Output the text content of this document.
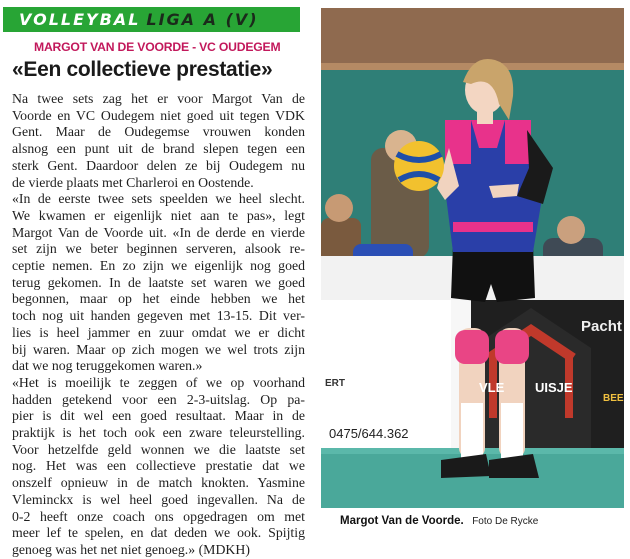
VOLLEYBAL LIGA A (V)
MARGOT VAN DE VOORDE - VC OUDEGEM
«Een collectieve prestatie»
Na twee sets zag het er voor Margot Van de
Voorde en VC Oudegem niet goed uit tegen VDK
Gent. Maar de Oudegemse vrouwen konden
alsnog een punt uit de brand slepen tegen een
sterk Gent. Daardoor delen ze bij Oudegem nu
de vierde plaats met Charleroi en Oostende.
«In de eerste twee sets speelden we heel slecht.
We kwamen er eigenlijk niet aan te pas», legt
Margot Van de Voorde uit. «In de derde en vierde
set zijn we beter beginnen serveren, alsook re-
ceptie nemen. En zo zijn we eigenlijk nog goed
terug gekomen. In de laatste set waren we goed
begonnen, maar op het einde hebben we het
toch nog uit handen gegeven met 13-15. Dit ver-
lies is heel jammer en zuur omdat we er dicht
bij waren. Maar op zich mogen we wel trots zijn
dat we nog teruggekomen waren.»
«Het is moeilijk te zeggen of we op voorhand
hadden getekend voor een 2-3-uitslag. Op pa-
pier is dit wel een goed resultaat. Maar in de
praktijk is het toch ook een zware teleurstelling.
Voor hetzelfde geld wonnen we die laatste set
nog. Het was een collectieve prestatie dat we
onszelf opnieuw in de match knokten. Yasmine
Vleminckx is wel heel goed ingevallen. Na de
0-2 heeft onze coach ons opgedragen om met
meer lef te spelen, en dat deden we ook. Spijtig
genoeg was het net niet genoeg.» (MDKH)
Pacht
BEE
ERT	VLE UISJE
0475/644.362
Margot Van de Voorde. Foto De Rycke
